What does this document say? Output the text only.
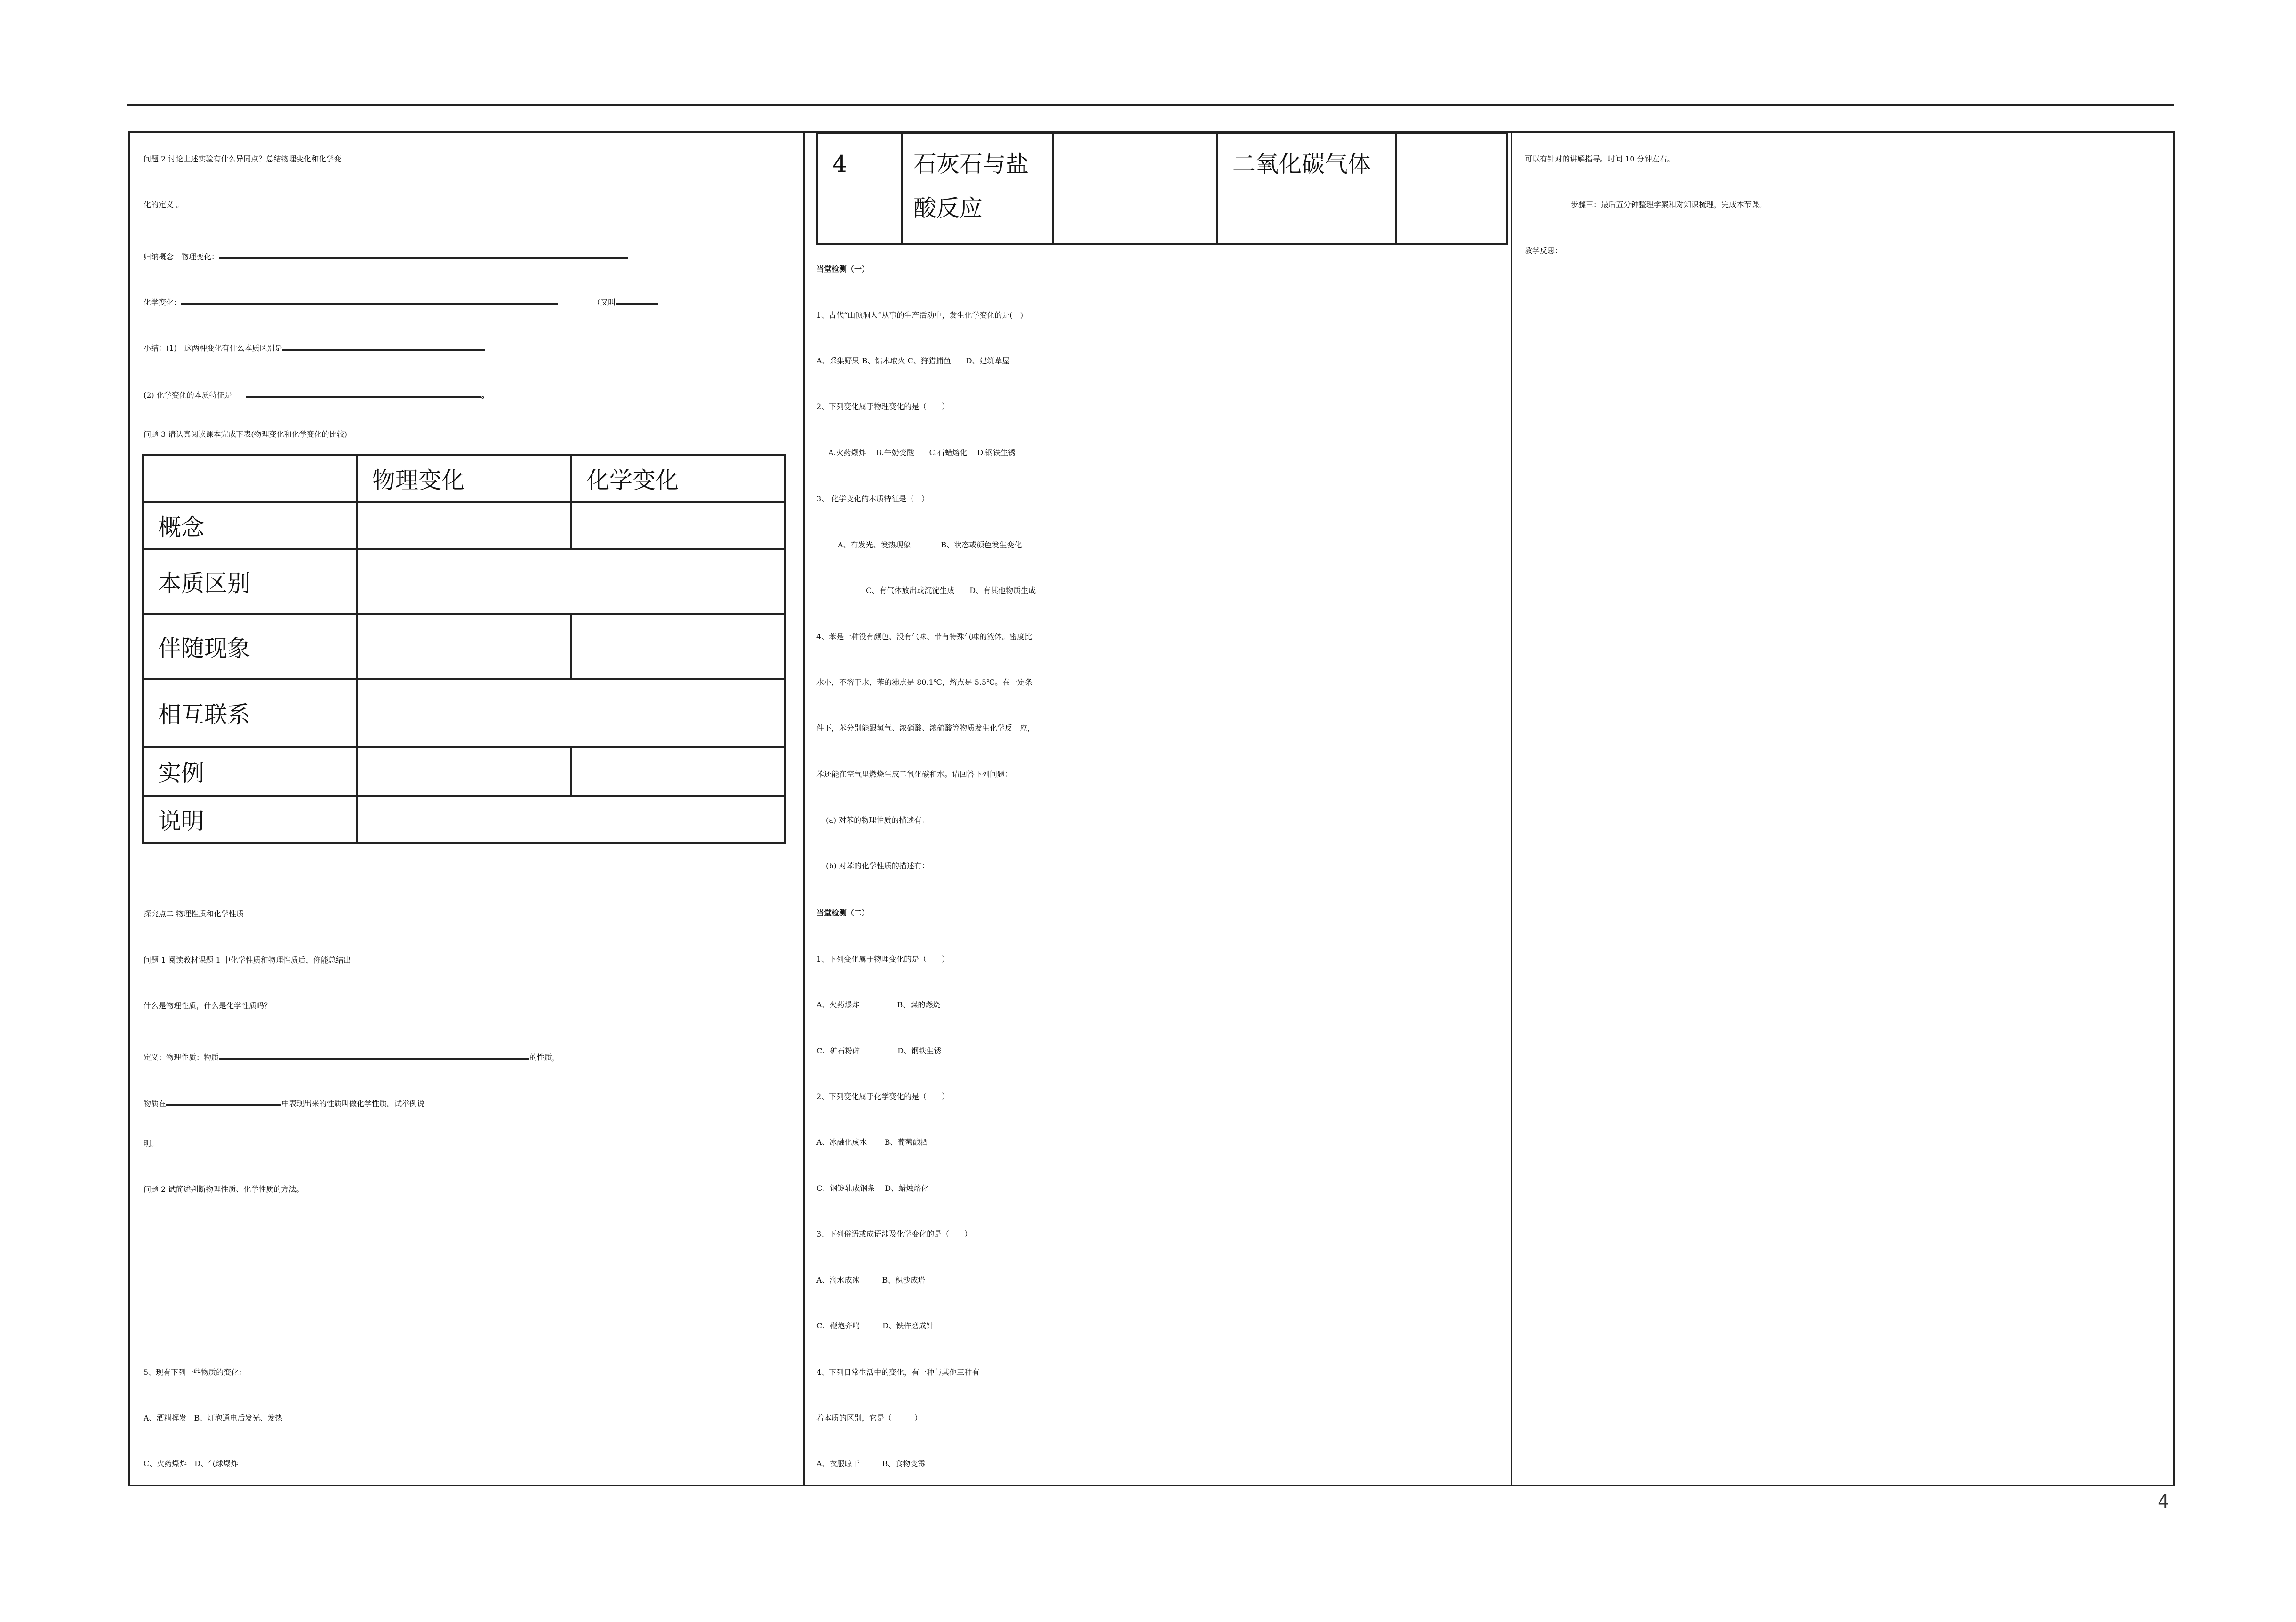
问题 2 讨论上述实验有什么异同点？总结物理变化和化学变
化的定义 。
归纳概念　物理变化：
化学变化：	（又叫
小结：(1)　这两种变化有什么本质区别是
(2) 化学变化的本质特征是	。
问题 3 请认真阅读课本完成下表(物理变化和化学变化的比较)
	物理变化	化学变化
概念		
本质区别		
伴随现象		
相互联系		
实例		
说明		
探究点二 物理性质和化学性质
问题 1 阅读教材课题 1 中化学性质和物理性质后，你能总结出
什么是物理性质，什么是化学性质吗？
定义：物理性质：物质	的性质，
物质在	中表现出来的性质叫做化学性质。试举例说
明。
问题 2 试简述判断物理性质、化学性质的方法。
5、现有下列一些物质的变化：
A、酒精挥发　B、灯泡通电后发光、发热
C、火药爆炸　D、气球爆炸
4	石灰石与盐酸反应		二氧化碳气体	
当堂检测（一）
1、古代“山顶洞人”从事的生产活动中，发生化学变化的是(　)
A、采集野果 B、钻木取火 C、狩猎捕鱼　　D、建筑草屋
2、下列变化属于物理变化的是（　　）
A.火药爆炸　 B.牛奶变酸　　C.石蜡熔化　 D.钢铁生锈
3、 化学变化的本质特征是（　）
A、有发光、发热现象　　　　B、状态或颜色发生变化
C、有气体放出或沉淀生成　　D、有其他物质生成
4、苯是一种没有颜色、没有气味、带有特殊气味的液体。密度比
水小，不溶于水，苯的沸点是 80.1℃，熔点是 5.5℃。在一定条
件下，苯分别能跟氢气、浓硝酸、浓硫酸等物质发生化学反　应，
苯还能在空气里燃烧生成二氧化碳和水。请回答下列问题：
(a) 对苯的物理性质的描述有：
(b) 对苯的化学性质的描述有：
当堂检测（二）
1、下列变化属于物理变化的是（　　）
A、火药爆炸　　　　　B、煤的燃烧
C、矿石粉碎　　　　　D、钢铁生锈
2、下列变化属于化学变化的是（　　）
A、冰融化成水　　 B、葡萄酿酒
C、钢锭轧成钢条　 D、蜡烛熔化
3、下列俗语或成语涉及化学变化的是（　　）
A、滴水成冰　　　B、积沙成塔
C、鞭炮齐鸣　　　D、铁杵磨成针
4、下列日常生活中的变化，有一种与其他三种有
着本质的区别，它是（　　　）
A、衣服晾干　　　B、食物变霉
可以有针对的讲解指导。时间 10 分钟左右。
步骤三：最后五分钟整理学案和对知识梳理，完成本节课。
教学反思：
4
